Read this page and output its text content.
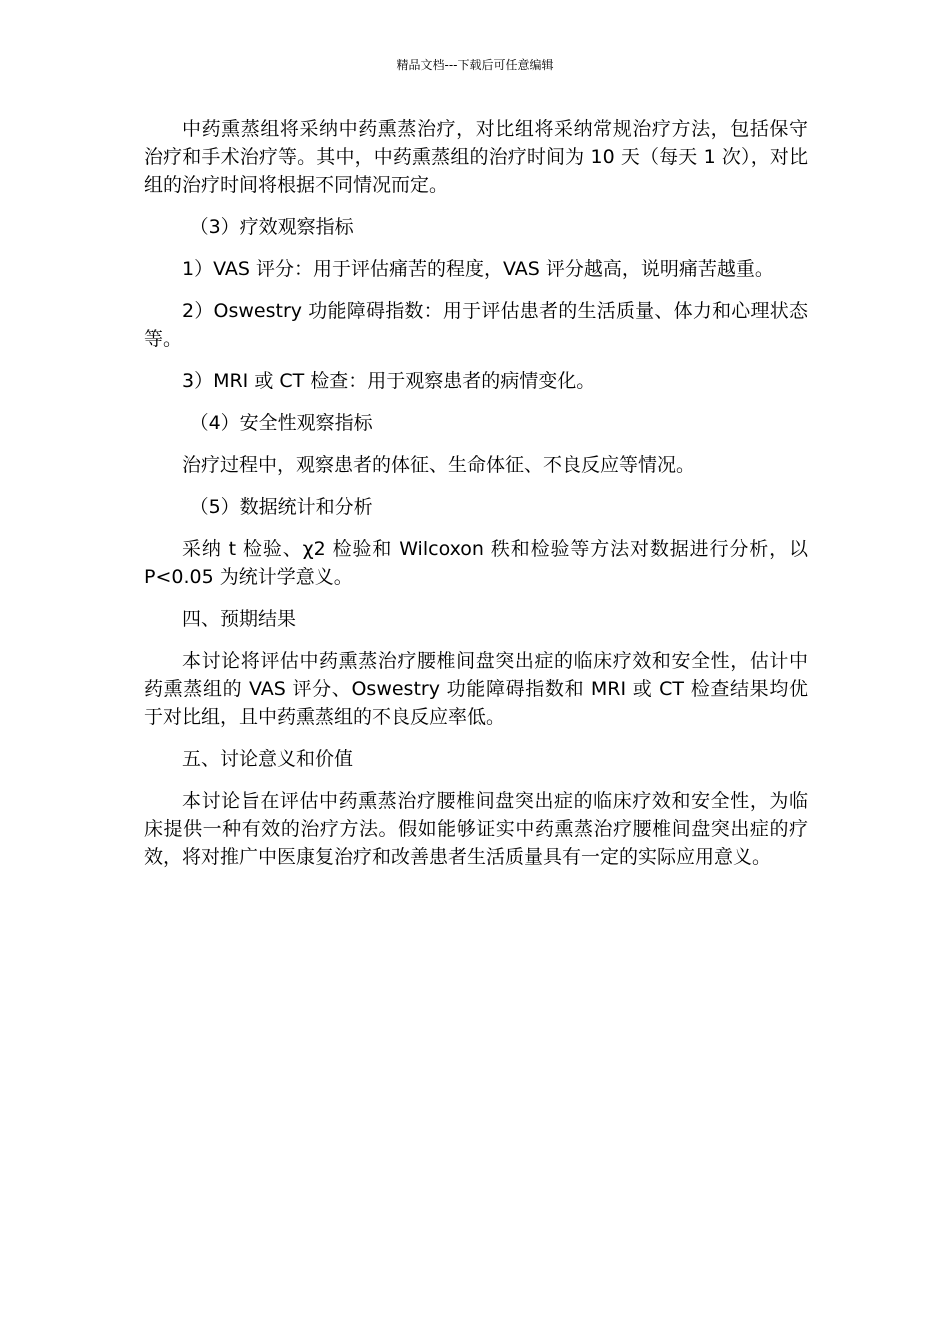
精品文档---下载后可任意编辑

中药熏蒸组将采纳中药熏蒸治疗，对比组将采纳常规治疗方法，包括保守治疗和手术治疗等。其中，中药熏蒸组的治疗时间为 10 天（每天 1 次），对比组的治疗时间将根据不同情况而定。

（3）疗效观察指标

1）VAS 评分：用于评估痛苦的程度，VAS 评分越高，说明痛苦越重。

2）Oswestry 功能障碍指数：用于评估患者的生活质量、体力和心理状态等。

3）MRI 或 CT 检查：用于观察患者的病情变化。

（4）安全性观察指标

治疗过程中，观察患者的体征、生命体征、不良反应等情况。

（5）数据统计和分析

采纳 t 检验、χ2 检验和 Wilcoxon 秩和检验等方法对数据进行分析，以 P<0.05 为统计学意义。

四、预期结果

本讨论将评估中药熏蒸治疗腰椎间盘突出症的临床疗效和安全性，估计中药熏蒸组的 VAS 评分、Oswestry 功能障碍指数和 MRI 或 CT 检查结果均优于对比组，且中药熏蒸组的不良反应率低。

五、讨论意义和价值

本讨论旨在评估中药熏蒸治疗腰椎间盘突出症的临床疗效和安全性，为临床提供一种有效的治疗方法。假如能够证实中药熏蒸治疗腰椎间盘突出症的疗效，将对推广中医康复治疗和改善患者生活质量具有一定的实际应用意义。
